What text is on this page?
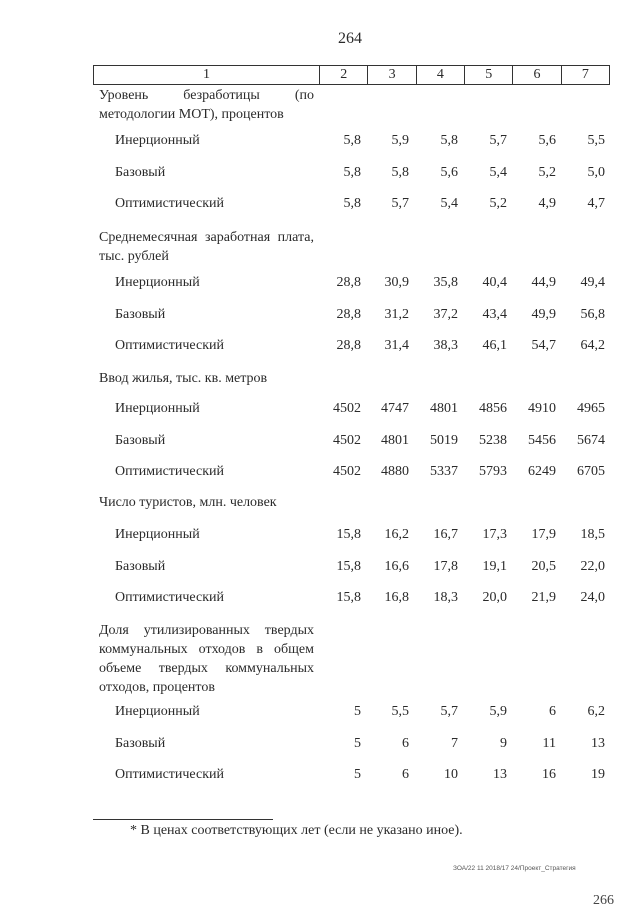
264
1	2	3	4	5	6	7
Уровень безработицы (по методологии МОТ), процентов
Инерционный	5,8	5,9	5,8	5,7	5,6	5,5
Базовый	5,8	5,8	5,6	5,4	5,2	5,0
Оптимистический	5,8	5,7	5,4	5,2	4,9	4,7
Среднемесячная заработная плата, тыс. рублей
Инерционный	28,8	30,9	35,8	40,4	44,9	49,4
Базовый	28,8	31,2	37,2	43,4	49,9	56,8
Оптимистический	28,8	31,4	38,3	46,1	54,7	64,2
Ввод жилья, тыс. кв. метров
Инерционный	4502	4747	4801	4856	4910	4965
Базовый	4502	4801	5019	5238	5456	5674
Оптимистический	4502	4880	5337	5793	6249	6705
Число туристов, млн. человек
Инерционный	15,8	16,2	16,7	17,3	17,9	18,5
Базовый	15,8	16,6	17,8	19,1	20,5	22,0
Оптимистический	15,8	16,8	18,3	20,0	21,9	24,0
Доля утилизированных твердых коммунальных отходов в общем объеме твердых коммунальных отходов, процентов
Инерционный	5	5,5	5,7	5,9	6	6,2
Базовый	5	6	7	9	11	13
Оптимистический	5	6	10	13	16	19
* В ценах соответствующих лет (если не указано иное).
ЗОА/22 11 2018/17 24/Проект_Стратегия
266
